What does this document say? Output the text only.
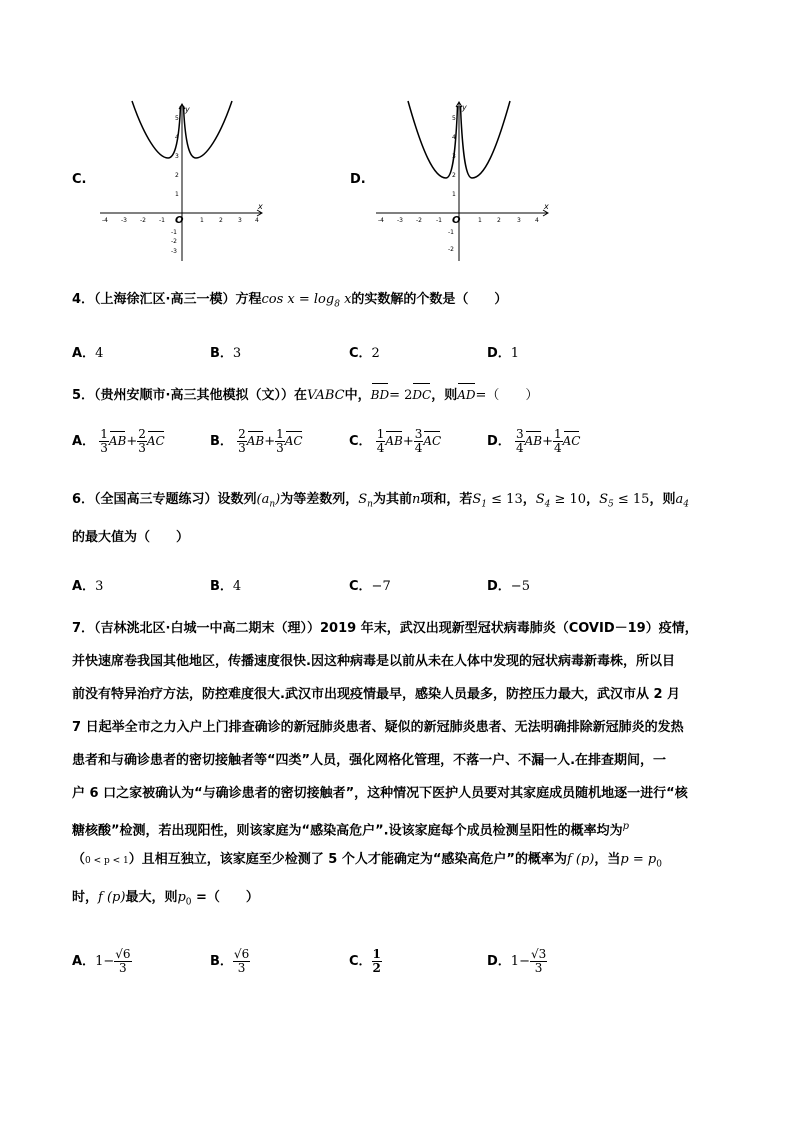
C.
-4 -3 -2 -1	1	2	3 4
5
4
3
2
1
-1
-2
-3
y
x
O
D.
-4 -3 -2 -1	1	2	3 4
5
4
3
2
1
-1
-2
y
x
O
4．（上海徐汇区·高三一模）方程$\cos x = \log_8 x$的实数解的个数是（　　）
A．4	B．3	C．2	D．1
5．（贵州安顺市·高三其他模拟（文））在VABC中，BD= 2DC，则AD=（　　）
A． $\frac{1}{3} AB+ \frac{2}{3}$ AC	B． $\frac{2}{3} AB+ \frac{1}{3}$ AC	C． $\frac{1}{4} AB+ \frac{3}{4}$ AC	D． $\frac{3}{4} AB+ \frac{1}{4}$ AC
6．（全国高三专题练习）设数列$(a_n)$为等差数列，$S_n$为其前n项和，若$S_1 \le 13$，$S_4 \ge 10$，$S_5 \le 15$，则$a_4$
的最大值为（　　）
A．3	B．4	C．−7	D．−5
7．（吉林洮北区·白城一中高二期末（理））2019 年末，武汉出现新型冠状病毒肺炎（COVID－19）疫情，
并快速席卷我国其他地区，传播速度很快.因这种病毒是以前从未在人体中发现的冠状病毒新毒株，所以目
前没有特异治疗方法，防控难度很大.武汉市出现疫情最早，感染人员最多，防控压力最大，武汉市从 2 月
7 日起举全市之力入户上门排查确诊的新冠肺炎患者、疑似的新冠肺炎患者、无法明确排除新冠肺炎的发热
患者和与确诊患者的密切接触者等“四类”人员，强化网格化管理，不落一户、不漏一人.在排查期间，一
户 6 口之家被确认为“与确诊患者的密切接触者”，这种情况下医护人员要对其家庭成员随机地逐一进行“核
糖核酸”检测，若出现阳性，则该家庭为“感染高危户”.设该家庭每个成员检测呈阳性的概率均为$^p$
（0 < p < 1）且相互独立，该家庭至少检测了 5 个人才能确定为“感染高危户”的概率为f (p)，当$p = p_0$
时，f (p)最大，则$p_0$ =（　　）
A．$1- \frac{√6}{3}$	B． $\frac{√6}{3}$	C． $\frac{1}{2}$	D．$1- \frac{√3}{3}$
